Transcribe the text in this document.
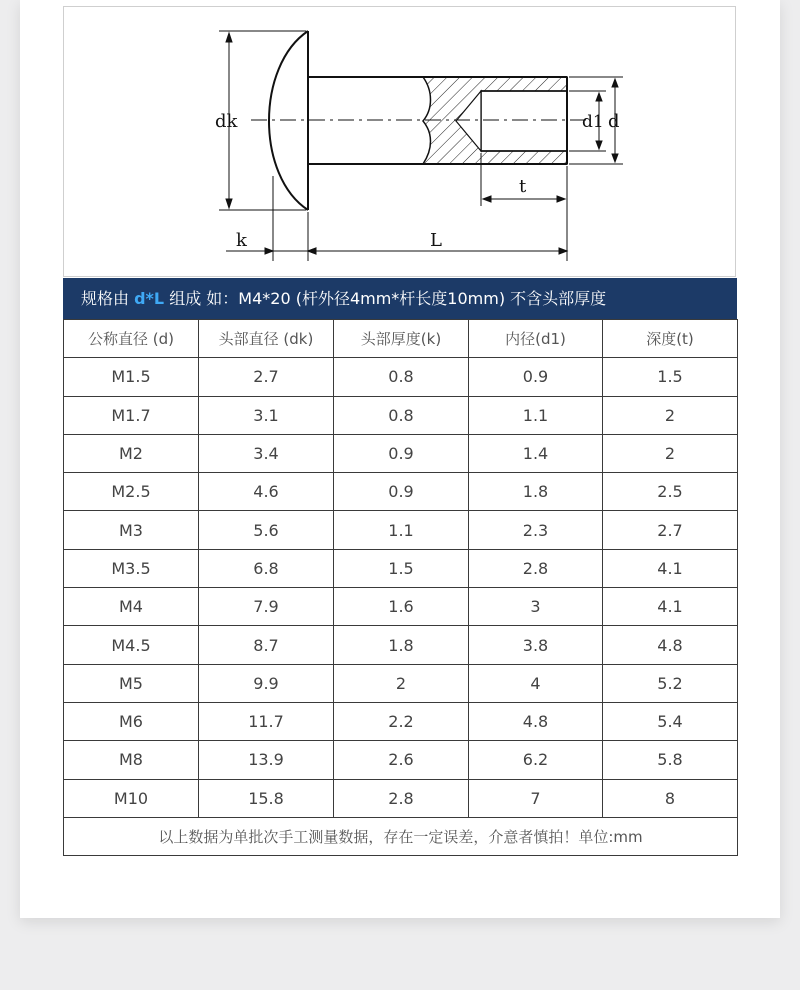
dk
k	L
d1 d
t
规格由 d*L 组成 如：M4*20 (杆外径4mm*杆长度10mm) 不含头部厚度
公称直径 (d)	头部直径 (dk)	头部厚度(k)	内径(d1)	深度(t)
M1.5	2.7	0.8	0.9	1.5
M1.7	3.1	0.8	1.1	2
M2	3.4	0.9	1.4	2
M2.5	4.6	0.9	1.8	2.5
M3	5.6	1.1	2.3	2.7
M3.5	6.8	1.5	2.8	4.1
M4	7.9	1.6	3	4.1
M4.5	8.7	1.8	3.8	4.8
M5	9.9	2	4	5.2
M6	11.7	2.2	4.8	5.4
M8	13.9	2.6	6.2	5.8
M10	15.8	2.8	7	8
以上数据为单批次手工测量数据，存在一定误差，介意者慎拍！单位:mm				
